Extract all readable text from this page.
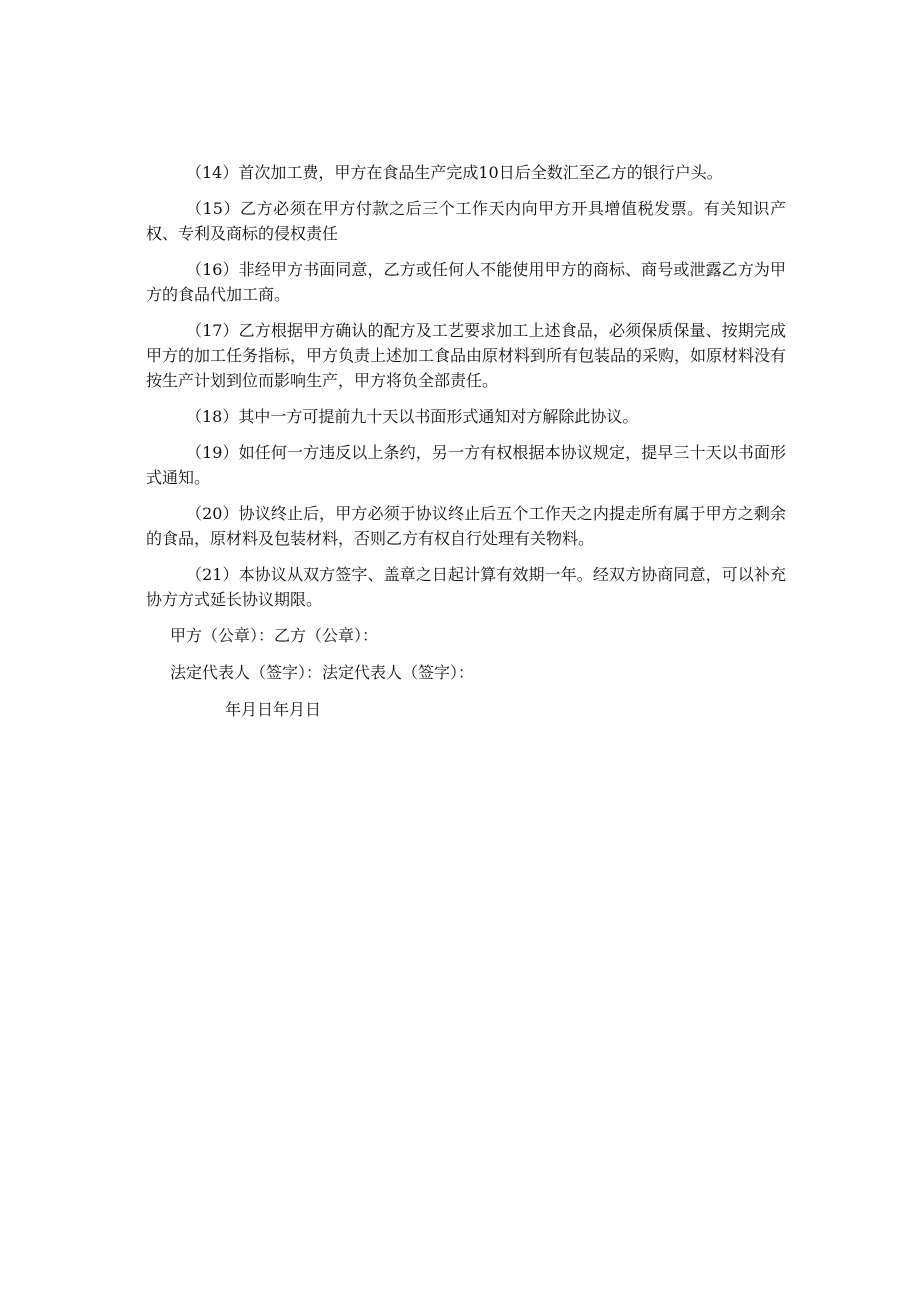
（14）首次加工费，甲方在食品生产完成10日后全数汇至乙方的银行户头。

（15）乙方必须在甲方付款之后三个工作天内向甲方开具增值税发票。有关知识产权、专利及商标的侵权责任

（16）非经甲方书面同意，乙方或任何人不能使用甲方的商标、商号或泄露乙方为甲方的食品代加工商。

（17）乙方根据甲方确认的配方及工艺要求加工上述食品，必须保质保量、按期完成甲方的加工任务指标，甲方负责上述加工食品由原材料到所有包装品的采购，如原材料没有按生产计划到位而影响生产，甲方将负全部责任。

（18）其中一方可提前九十天以书面形式通知对方解除此协议。

（19）如任何一方违反以上条约，另一方有权根据本协议规定，提早三十天以书面形式通知。

（20）协议终止后，甲方必须于协议终止后五个工作天之内提走所有属于甲方之剩余的食品，原材料及包装材料，否则乙方有权自行处理有关物料。

（21）本协议从双方签字、盖章之日起计算有效期一年。经双方协商同意，可以补充协方方式延长协议期限。

甲方（公章）：乙方（公章）：

法定代表人（签字）：法定代表人（签字）：

年月日年月日
